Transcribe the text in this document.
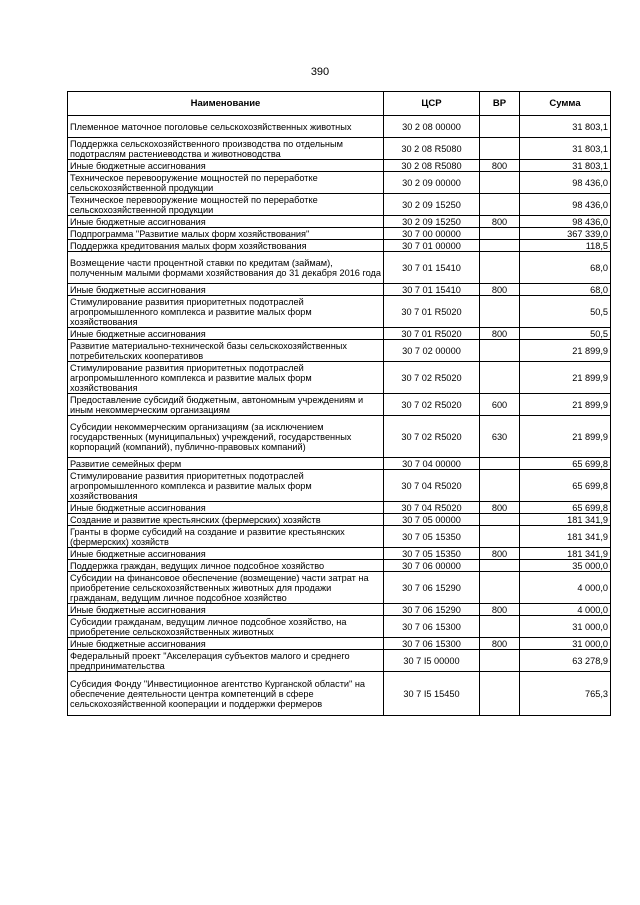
390
Наименование	ЦСР	ВР	Сумма
Племенное маточное поголовье сельскохозяйственных животных	30 2 08 00000		31 803,1
Поддержка сельскохозяйственного производства по отдельным подотраслям растениеводства и животноводства	30 2 08 R5080		31 803,1
Иные бюджетные ассигнования	30 2 08 R5080	800	31 803,1
Техническое перевооружение мощностей по переработке сельскохозяйственной продукции	30 2 09 00000		98 436,0
Техническое перевооружение мощностей по переработке сельскохозяйственной продукции	30 2 09 15250		98 436,0
Иные бюджетные ассигнования	30 2 09 15250	800	98 436,0
Подпрограмма "Развитие малых форм хозяйствования"	30 7 00 00000		367 339,0
Поддержка кредитования малых форм хозяйствования	30 7 01 00000		118,5
Возмещение части процентной ставки по кредитам (займам), полученным малыми формами хозяйствования до 31 декабря 2016 года	30 7 01 15410		68,0
Иные бюджетные ассигнования	30 7 01 15410	800	68,0
Стимулирование развития приоритетных подотраслей агропромышленного комплекса и развитие малых форм хозяйствования	30 7 01 R5020		50,5
Иные бюджетные ассигнования	30 7 01 R5020	800	50,5
Развитие материально-технической базы сельскохозяйственных потребительских кооперативов	30 7 02 00000		21 899,9
Стимулирование развития приоритетных подотраслей агропромышленного комплекса и развитие малых форм хозяйствования	30 7 02 R5020		21 899,9
Предоставление субсидий бюджетным, автономным учреждениям и иным некоммерческим организациям	30 7 02 R5020	600	21 899,9
Субсидии некоммерческим организациям (за исключением государственных (муниципальных) учреждений, государственных корпораций (компаний), публично-правовых компаний)	30 7 02 R5020	630	21 899,9
Развитие семейных ферм	30 7 04 00000		65 699,8
Стимулирование развития приоритетных подотраслей агропромышленного комплекса и развитие малых форм хозяйствования	30 7 04 R5020		65 699,8
Иные бюджетные ассигнования	30 7 04 R5020	800	65 699,8
Создание и развитие крестьянских (фермерских) хозяйств	30 7 05 00000		181 341,9
Гранты в форме субсидий на создание и развитие крестьянских (фермерских) хозяйств	30 7 05 15350		181 341,9
Иные бюджетные ассигнования	30 7 05 15350	800	181 341,9
Поддержка граждан, ведущих личное подсобное хозяйство	30 7 06 00000		35 000,0
Субсидии на финансовое обеспечение (возмещение) части затрат на приобретение сельскохозяйственных животных для продажи гражданам, ведущим личное подсобное хозяйство	30 7 06 15290		4 000,0
Иные бюджетные ассигнования	30 7 06 15290	800	4 000,0
Субсидии гражданам, ведущим личное подсобное хозяйство, на приобретение сельскохозяйственных животных	30 7 06 15300		31 000,0
Иные бюджетные ассигнования	30 7 06 15300	800	31 000,0
Федеральный проект "Акселерация субъектов малого и среднего предпринимательства	30 7 I5 00000		63 278,9
Субсидия Фонду "Инвестиционное агентство Курганской области" на обеспечение деятельности центра компетенций в сфере сельскохозяйственной кооперации и поддержки фермеров	30 7 I5 15450		765,3
